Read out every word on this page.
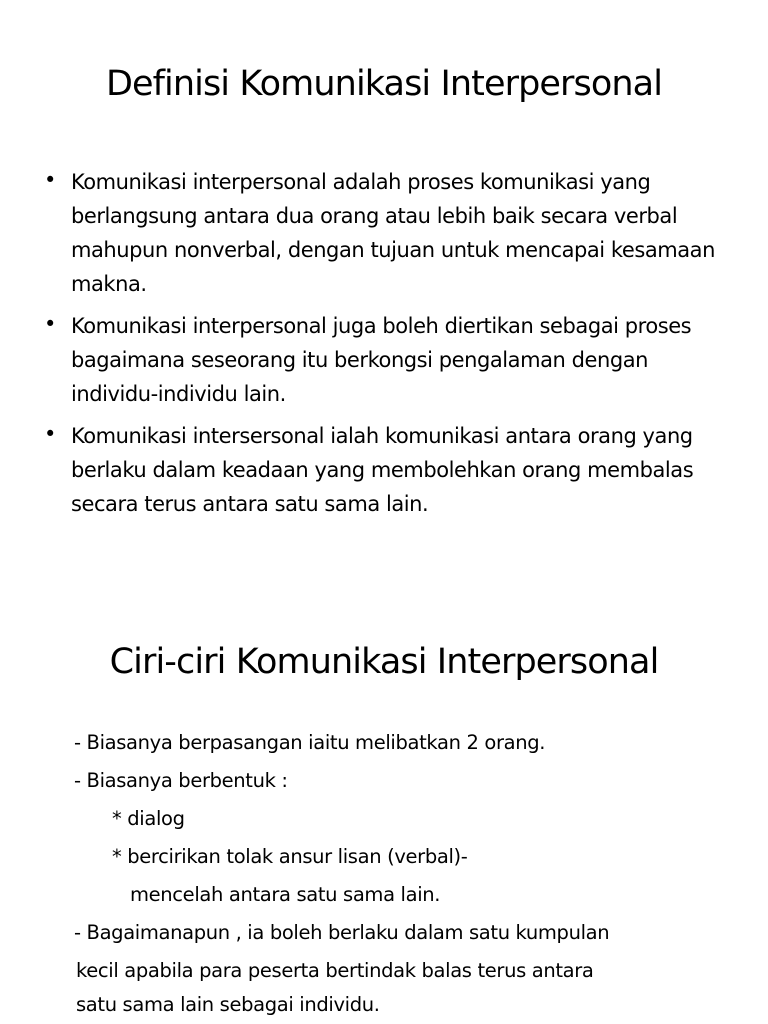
Definisi Komunikasi Interpersonal
• Komunikasi interpersonal adalah proses komunikasi yang berlangsung antara dua orang atau lebih baik secara verbal mahupun nonverbal, dengan tujuan untuk mencapai kesamaan makna.
• Komunikasi interpersonal juga boleh diertikan sebagai proses bagaimana seseorang itu berkongsi pengalaman dengan individu-individu lain.
• Komunikasi intersersonal ialah komunikasi antara orang yang berlaku dalam keadaan yang membolehkan orang membalas secara terus antara satu sama lain.
Ciri-ciri Komunikasi Interpersonal
- Biasanya berpasangan iaitu melibatkan 2 orang.
- Biasanya berbentuk :
* dialog
* bercirikan tolak ansur lisan (verbal)-
mencelah antara satu sama lain.
- Bagaimanapun , ia boleh berlaku dalam satu kumpulan
kecil apabila para peserta bertindak balas terus antara
satu sama lain sebagai individu.
